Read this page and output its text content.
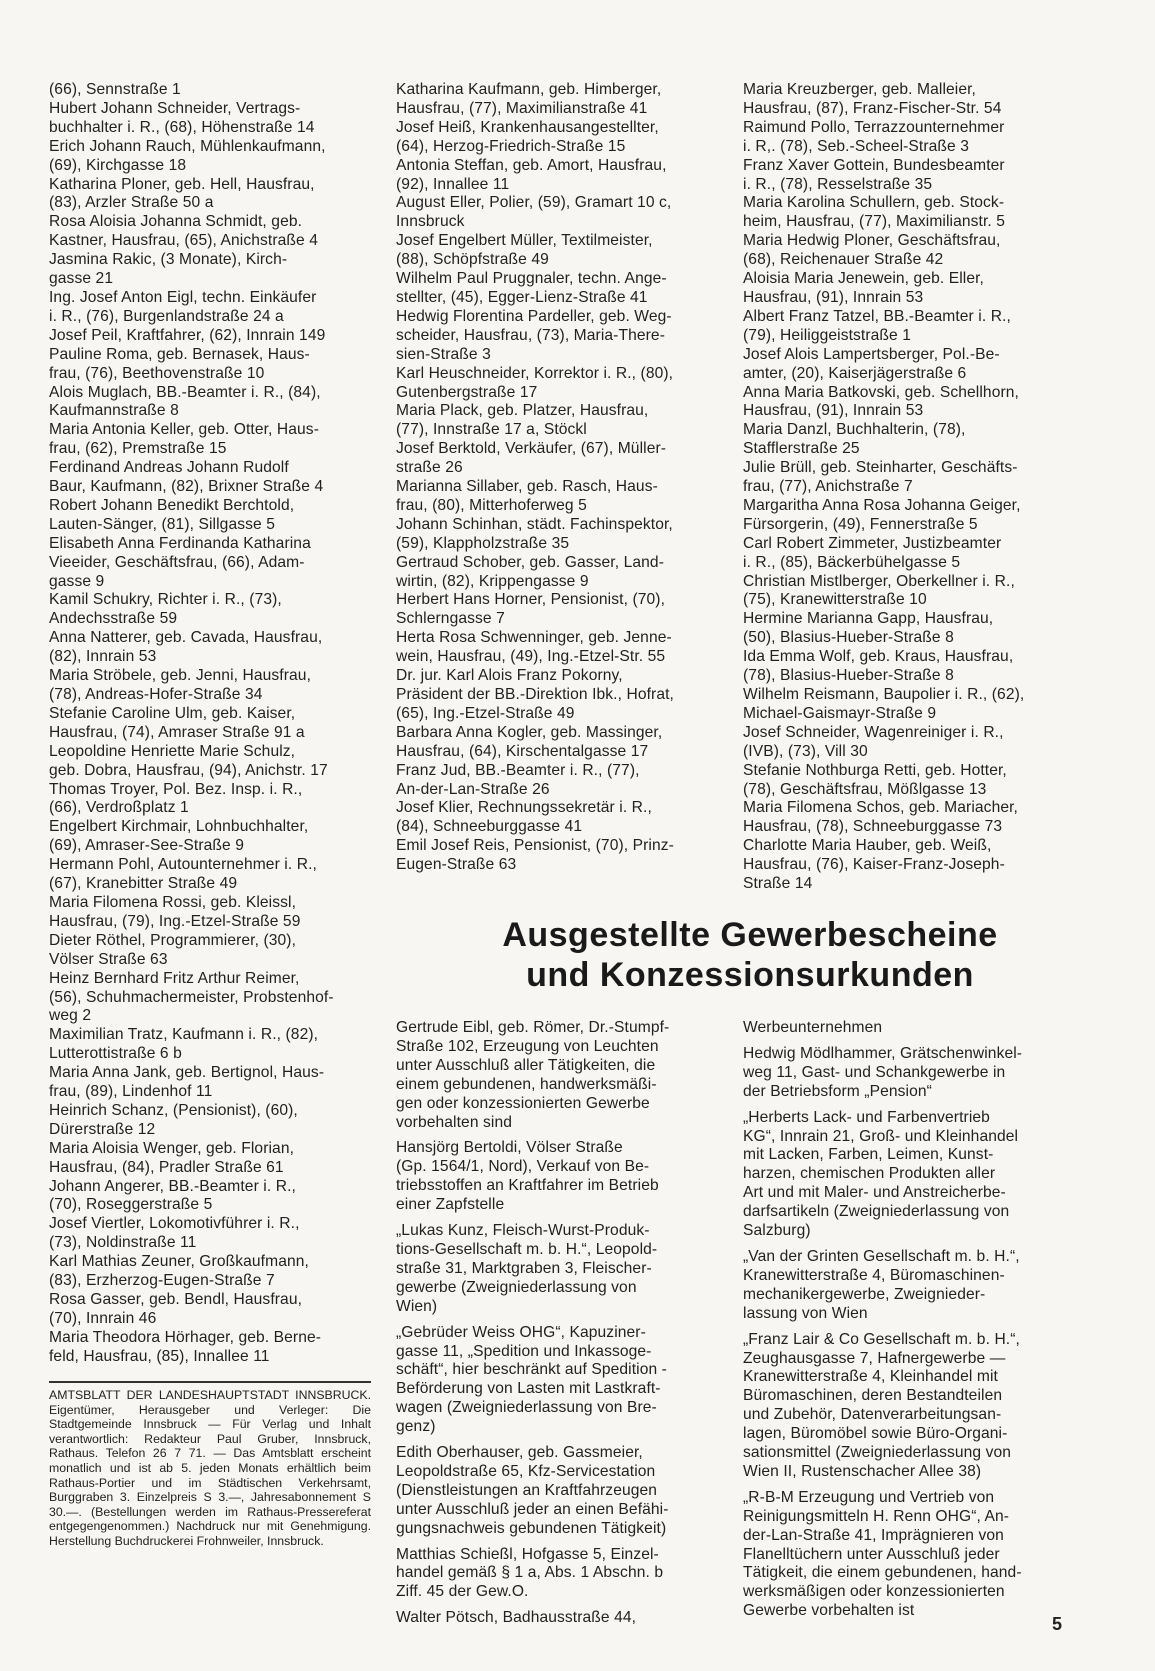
(66), Sennstraße 1

Hubert Johann Schneider, Vertrags-
buchhalter i. R., (68), Höhenstraße 14

Erich Johann Rauch, Mühlenkaufmann,
(69), Kirchgasse 18

Katharina Ploner, geb. Hell, Hausfrau,
(83), Arzler Straße 50 a

Rosa Aloisia Johanna Schmidt, geb.
Kastner, Hausfrau, (65), Anichstraße 4

Jasmina Rakic, (3 Monate), Kirch-
gasse 21

Ing. Josef Anton Eigl, techn. Einkäufer
i. R., (76), Burgenlandstraße 24 a

Josef Peil, Kraftfahrer, (62), Innrain 149

Pauline Roma, geb. Bernasek, Haus-
frau, (76), Beethovenstraße 10

Alois Muglach, BB.-Beamter i. R., (84),
Kaufmannstraße 8

Maria Antonia Keller, geb. Otter, Haus-
frau, (62), Premstraße 15

Ferdinand Andreas Johann Rudolf
Baur, Kaufmann, (82), Brixner Straße 4

Robert Johann Benedikt Berchtold,
Lauten-Sänger, (81), Sillgasse 5

Elisabeth Anna Ferdinanda Katharina
Vieeider, Geschäftsfrau, (66), Adam-
gasse 9

Kamil Schukry, Richter i. R., (73),
Andechsstraße 59

Anna Natterer, geb. Cavada, Hausfrau,
(82), Innrain 53

Maria Ströbele, geb. Jenni, Hausfrau,
(78), Andreas-Hofer-Straße 34

Stefanie Caroline Ulm, geb. Kaiser,
Hausfrau, (74), Amraser Straße 91 a

Leopoldine Henriette Marie Schulz,
geb. Dobra, Hausfrau, (94), Anichstr. 17

Thomas Troyer, Pol. Bez. Insp. i. R.,
(66), Verdroßplatz 1

Engelbert Kirchmair, Lohnbuchhalter,
(69), Amraser-See-Straße 9

Hermann Pohl, Autounternehmer i. R.,
(67), Kranebitter Straße 49

Maria Filomena Rossi, geb. Kleissl,
Hausfrau, (79), Ing.-Etzel-Straße 59

Dieter Röthel, Programmierer, (30),
Völser Straße 63

Heinz Bernhard Fritz Arthur Reimer,
(56), Schuhmachermeister, Probstenhof-
weg 2

Maximilian Tratz, Kaufmann i. R., (82),
Lutterottistraße 6 b

Maria Anna Jank, geb. Bertignol, Haus-
frau, (89), Lindenhof 11

Heinrich Schanz, (Pensionist), (60),
Dürerstraße 12

Maria Aloisia Wenger, geb. Florian,
Hausfrau, (84), Pradler Straße 61

Johann Angerer, BB.-Beamter i. R.,
(70), Roseggerstraße 5

Josef Viertler, Lokomotivführer i. R.,
(73), Noldinstraße 11

Karl Mathias Zeuner, Großkaufmann,
(83), Erzherzog-Eugen-Straße 7

Rosa Gasser, geb. Bendl, Hausfrau,
(70), Innrain 46

Maria Theodora Hörhager, geb. Berne-
feld, Hausfrau, (85), Innallee 11

Katharina Kaufmann, geb. Himberger,
Hausfrau, (77), Maximilianstraße 41

Josef Heiß, Krankenhausangestellter,
(64), Herzog-Friedrich-Straße 15

Antonia Steffan, geb. Amort, Hausfrau,
(92), Innallee 11

August Eller, Polier, (59), Gramart 10 c,
Innsbruck

Josef Engelbert Müller, Textilmeister,
(88), Schöpfstraße 49

Wilhelm Paul Pruggnaler, techn. Ange-
stellter, (45), Egger-Lienz-Straße 41

Hedwig Florentina Pardeller, geb. Weg-
scheider, Hausfrau, (73), Maria-There-
sien-Straße 3

Karl Heuschneider, Korrektor i. R., (80),
Gutenbergstraße 17

Maria Plack, geb. Platzer, Hausfrau,
(77), Innstraße 17 a, Stöckl

Josef Berktold, Verkäufer, (67), Müller-
straße 26

Marianna Sillaber, geb. Rasch, Haus-
frau, (80), Mitterhoferweg 5

Johann Schinhan, städt. Fachinspektor,
(59), Klappholzstraße 35

Gertraud Schober, geb. Gasser, Land-
wirtin, (82), Krippengasse 9

Herbert Hans Horner, Pensionist, (70),
Schlerngasse 7

Herta Rosa Schwenninger, geb. Jenne-
wein, Hausfrau, (49), Ing.-Etzel-Str. 55

Dr. jur. Karl Alois Franz Pokorny,
Präsident der BB.-Direktion Ibk., Hofrat,
(65), Ing.-Etzel-Straße 49

Barbara Anna Kogler, geb. Massinger,
Hausfrau, (64), Kirschentalgasse 17

Franz Jud, BB.-Beamter i. R., (77),
An-der-Lan-Straße 26

Josef Klier, Rechnungssekretär i. R.,
(84), Schneeburggasse 41

Emil Josef Reis, Pensionist, (70), Prinz-
Eugen-Straße 63

Maria Kreuzberger, geb. Malleier,
Hausfrau, (87), Franz-Fischer-Str. 54

Raimund Pollo, Terrazzounternehmer
i. R,. (78), Seb.-Scheel-Straße 3

Franz Xaver Gottein, Bundesbeamter
i. R., (78), Resselstraße 35

Maria Karolina Schullern, geb. Stock-
heim, Hausfrau, (77), Maximilianstr. 5

Maria Hedwig Ploner, Geschäftsfrau,
(68), Reichenauer Straße 42

Aloisia Maria Jenewein, geb. Eller,
Hausfrau, (91), Innrain 53

Albert Franz Tatzel, BB.-Beamter i. R.,
(79), Heiliggeiststraße 1

Josef Alois Lampertsberger, Pol.-Be-
amter, (20), Kaiserjägerstraße 6

Anna Maria Batkovski, geb. Schellhorn,
Hausfrau, (91), Innrain 53

Maria Danzl, Buchhalterin, (78),
Stafflerstraße 25

Julie Brüll, geb. Steinharter, Geschäfts-
frau, (77), Anichstraße 7

Margaritha Anna Rosa Johanna Geiger,
Fürsorgerin, (49), Fennerstraße 5

Carl Robert Zimmeter, Justizbeamter
i. R., (85), Bäckerbühelgasse 5

Christian Mistlberger, Oberkellner i. R.,
(75), Kranewitterstraße 10

Hermine Marianna Gapp, Hausfrau,
(50), Blasius-Hueber-Straße 8

Ida Emma Wolf, geb. Kraus, Hausfrau,
(78), Blasius-Hueber-Straße 8

Wilhelm Reismann, Baupolier i. R., (62),
Michael-Gaismayr-Straße 9

Josef Schneider, Wagenreiniger i. R.,
(IVB), (73), Vill 30

Stefanie Nothburga Retti, geb. Hotter,
(78), Geschäftsfrau, Mößlgasse 13

Maria Filomena Schos, geb. Mariacher,
Hausfrau, (78), Schneeburggasse 73

Charlotte Maria Hauber, geb. Weiß,
Hausfrau, (76), Kaiser-Franz-Joseph-
Straße 14

Ausgestellte Gewerbescheine
und Konzessionsurkunden

Gertrude Eibl, geb. Römer, Dr.-Stumpf-
Straße 102, Erzeugung von Leuchten
unter Ausschluß aller Tätigkeiten, die
einem gebundenen, handwerksmäßi-
gen oder konzessionierten Gewerbe
vorbehalten sind

Hansjörg Bertoldi, Völser Straße
(Gp. 1564/1, Nord), Verkauf von Be-
triebsstoffen an Kraftfahrer im Betrieb
einer Zapfstelle

„Lukas Kunz, Fleisch-Wurst-Produk-
tions-Gesellschaft m. b. H.“, Leopold-
straße 31, Marktgraben 3, Fleischer-
gewerbe (Zweigniederlassung von
Wien)

„Gebrüder Weiss OHG“, Kapuziner-
gasse 11, „Spedition und Inkassoge-
schäft“, hier beschränkt auf Spedition -
Beförderung von Lasten mit Lastkraft-
wagen (Zweigniederlassung von Bre-
genz)

Edith Oberhauser, geb. Gassmeier,
Leopoldstraße 65, Kfz-Servicestation
(Dienstleistungen an Kraftfahrzeugen
unter Ausschluß jeder an einen Befähi-
gungsnachweis gebundenen Tätigkeit)

Matthias Schießl, Hofgasse 5, Einzel-
handel gemäß § 1 a, Abs. 1 Abschn. b
Ziff. 45 der Gew.O.

Walter Pötsch, Badhausstraße 44,

Werbeunternehmen

Hedwig Mödlhammer, Grätschenwinkel-
weg 11, Gast- und Schankgewerbe in
der Betriebsform „Pension“

„Herberts Lack- und Farbenvertrieb
KG“, Innrain 21, Groß- und Kleinhandel
mit Lacken, Farben, Leimen, Kunst-
harzen, chemischen Produkten aller
Art und mit Maler- und Anstreicherbe-
darfsartikeln (Zweigniederlassung von
Salzburg)

„Van der Grinten Gesellschaft m. b. H.“,
Kranewitterstraße 4, Büromaschinen-
mechanikergewerbe, Zweignieder-
lassung von Wien

„Franz Lair & Co Gesellschaft m. b. H.“,
Zeughausgasse 7, Hafnergewerbe —
Kranewitterstraße 4, Kleinhandel mit
Büromaschinen, deren Bestandteilen
und Zubehör, Datenverarbeitungsan-
lagen, Büromöbel sowie Büro-Organi-
sationsmittel (Zweigniederlassung von
Wien II, Rustenschacher Allee 38)

„R-B-M Erzeugung und Vertrieb von
Reinigungsmitteln H. Renn OHG“, An-
der-Lan-Straße 41, Imprägnieren von
Flanelltüchern unter Ausschluß jeder
Tätigkeit, die einem gebundenen, hand-
werksmäßigen oder konzessionierten
Gewerbe vorbehalten ist

AMTSBLATT DER LANDESHAUPTSTADT INNSBRUCK. Eigentümer, Herausgeber und Verleger: Die Stadtgemeinde Innsbruck — Für Verlag und Inhalt verantwortlich: Redakteur Paul Gruber, Innsbruck, Rathaus. Telefon 26 7 71. — Das Amtsblatt erscheint monatlich und ist ab 5. jeden Monats erhältlich beim Rathaus-Portier und im Städtischen Verkehrsamt, Burggraben 3. Einzelpreis S 3.—, Jahresabonnement S 30.—. (Bestellungen werden im Rathaus-Pressereferat entgegengenommen.) Nachdruck nur mit Genehmigung. Herstellung Buchdruckerei Frohnweiler, Innsbruck.
5
